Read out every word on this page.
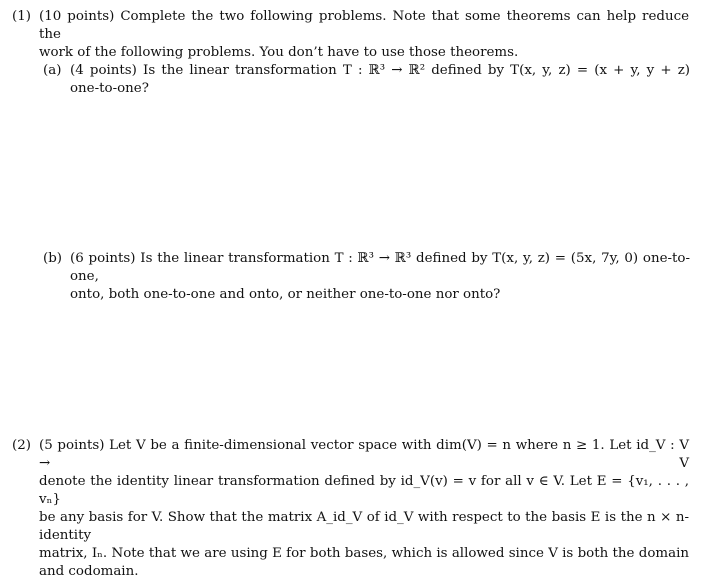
(1) (10 points) Complete the two following problems. Note that some theorems can help reduce the
work of the following problems. You don’t have to use those theorems.
(a) (4 points) Is the linear transformation T : ℝ³ → ℝ² defined by T(x, y, z) = (x + y, y + z)
one-to-one?
(b) (6 points) Is the linear transformation T : ℝ³ → ℝ³ defined by T(x, y, z) = (5x, 7y, 0) one-to-one,
onto, both one-to-one and onto, or neither one-to-one nor onto?
(2) (5 points) Let V be a finite-dimensional vector space with dim(V) = n where n ≥ 1. Let id_V : V → V
denote the identity linear transformation defined by id_V(v) = v for all v ∈ V. Let E = {v₁, . . . , vₙ}
be any basis for V. Show that the matrix A_id_V of id_V with respect to the basis E is the n × n-identity
matrix, Iₙ. Note that we are using E for both bases, which is allowed since V is both the domain
and codomain.
